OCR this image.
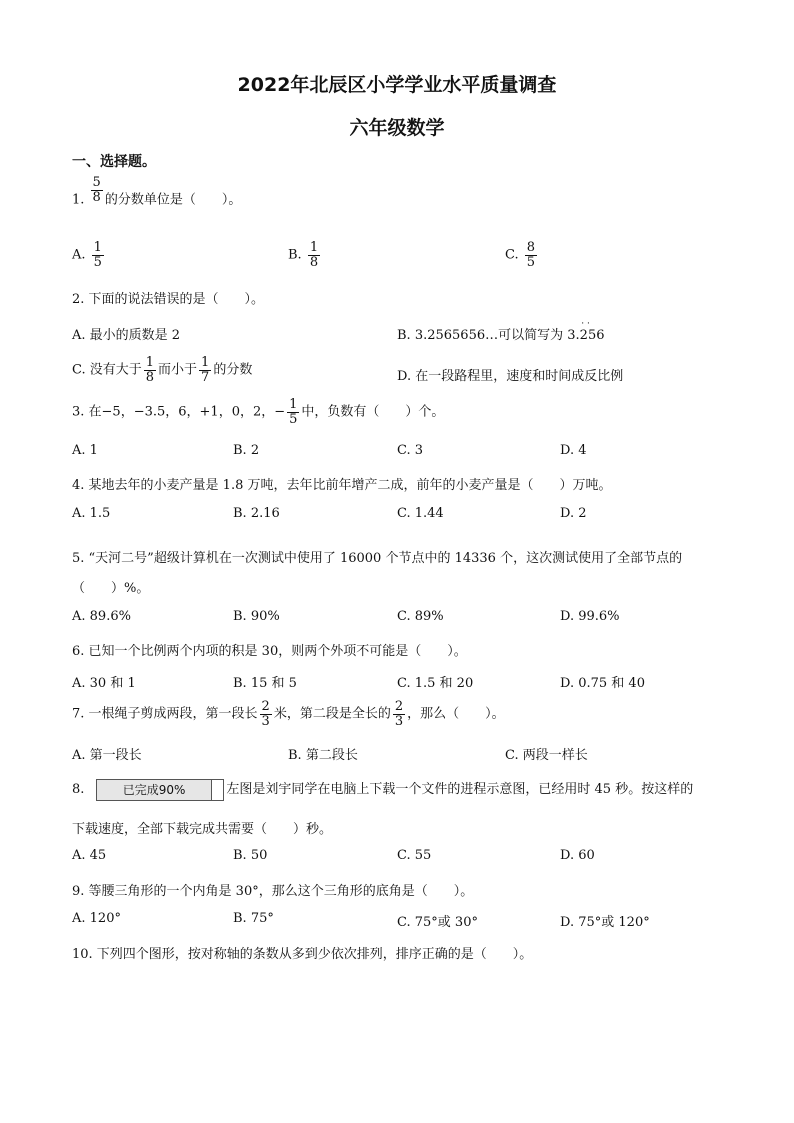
2022年北辰区小学学业水平质量调查
六年级数学
一、选择题。
1. $\frac{5}{8}$ 的分数单位是（　　）。
A. $\frac{1}{5}$	B. $\frac{1}{8}$	C. $\frac{8}{5}$
2. 下面的说法错误的是（　　）。
A. 最小的质数是 2	B. 3.2565656…可以简写为 3.256
· ·
C. 没有大于 $\frac{1}{8}$ 而小于 $\frac{1}{7}$ 的分数	D. 在一段路程里，速度和时间成反比例
3. 在−5，−3.5，6，+1，0，2，− $\frac{1}{5}$ 中，负数有（　　）个。
A. 1	B. 2	C. 3	D. 4
4. 某地去年的小麦产量是 1.8 万吨，去年比前年增产二成，前年的小麦产量是（　　）万吨。
A. 1.5	B. 2.16	C. 1.44	D. 2
5. “天河二号”超级计算机在一次测试中使用了 16000 个节点中的 14336 个，这次测试使用了全部节点的
（　　）%。
A. 89.6%	B. 90%	C. 89%	D. 99.6%
6. 已知一个比例两个内项的积是 30，则两个外项不可能是（　　）。
A. 30 和 1	B. 15 和 5	C. 1.5 和 20	D. 0.75 和 40
7. 一根绳子剪成两段，第一段长 $\frac{2}{3}$ 米，第二段是全长的 $\frac{2}{3}$ ，那么（　　）。
A. 第一段长	B. 第二段长	C. 两段一样长
8.	已完成90%	左图是刘宇同学在电脑上下载一个文件的进程示意图，已经用时 45 秒。按这样的
下载速度，全部下载完成共需要（　　）秒。
A. 45	B. 50	C. 55	D. 60
9. 等腰三角形的一个内角是 30°，那么这个三角形的底角是（　　）。
A. 120°	B. 75°	C. 75°或 30°	D. 75°或 120°
10. 下列四个图形，按对称轴的条数从多到少依次排列，排序正确的是（　　）。
